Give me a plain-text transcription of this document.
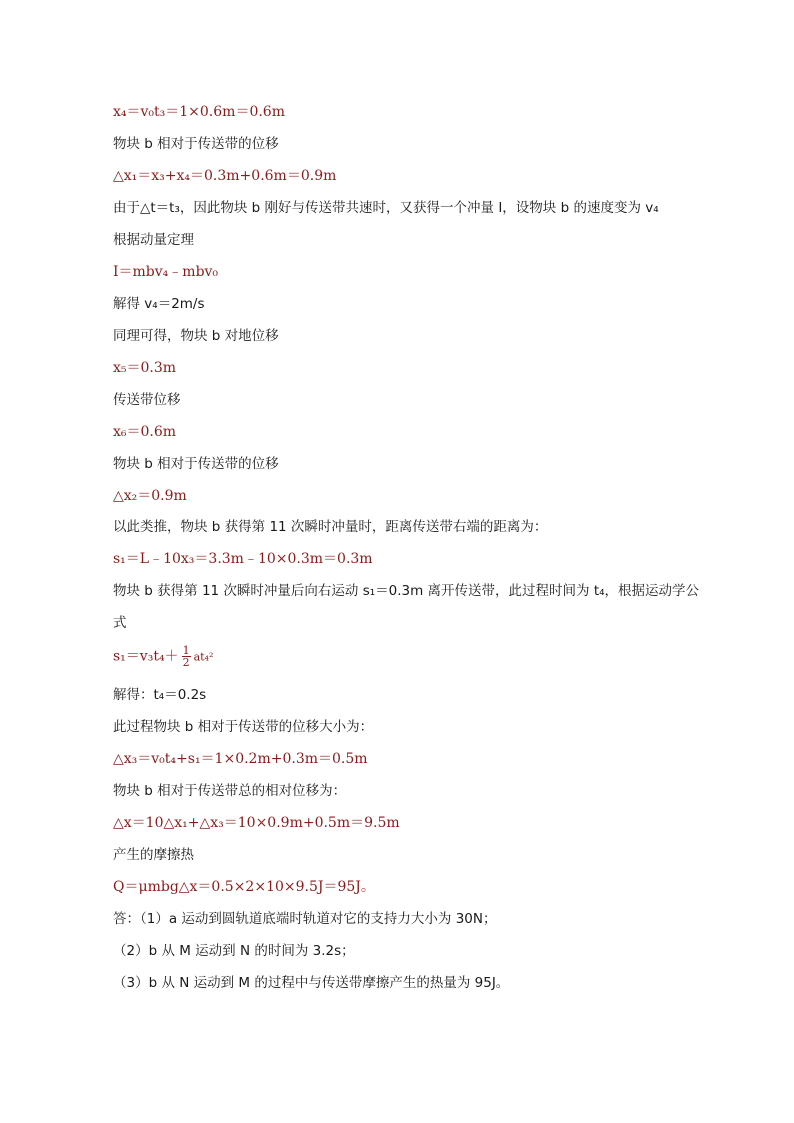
x₄＝v₀t₃＝1×0.6m＝0.6m
物块 b 相对于传送带的位移
△x₁＝x₃+x₄＝0.3m+0.6m＝0.9m
由于△t＝t₃，因此物块 b 刚好与传送带共速时，又获得一个冲量 I，设物块 b 的速度变为 v₄
根据动量定理
I＝mbv₄﹣mbv₀
解得 v₄＝2m/s
同理可得，物块 b 对地位移
x₅＝0.3m
传送带位移
x₆＝0.6m
物块 b 相对于传送带的位移
△x₂＝0.9m
以此类推，物块 b 获得第 11 次瞬时冲量时，距离传送带右端的距离为：
s₁＝L﹣10x₃＝3.3m﹣10×0.3m＝0.3m
物块 b 获得第 11 次瞬时冲量后向右运动 s₁＝0.3m 离开传送带，此过程时间为 t₄，根据运动学公
式
$s_1=v_3t_4+ \frac{1}{2} at_4^2$
解得：t₄＝0.2s
此过程物块 b 相对于传送带的位移大小为：
△x₃＝v₀t₄+s₁＝1×0.2m+0.3m＝0.5m
物块 b 相对于传送带总的相对位移为：
△x＝10△x₁+△x₃＝10×0.9m+0.5m＝9.5m
产生的摩擦热
Q＝μmbg△x＝0.5×2×10×9.5J＝95J。
答：（1）a 运动到圆轨道底端时轨道对它的支持力大小为 30N；
（2）b 从 M 运动到 N 的时间为 3.2s；
（3）b 从 N 运动到 M 的过程中与传送带摩擦产生的热量为 95J。
